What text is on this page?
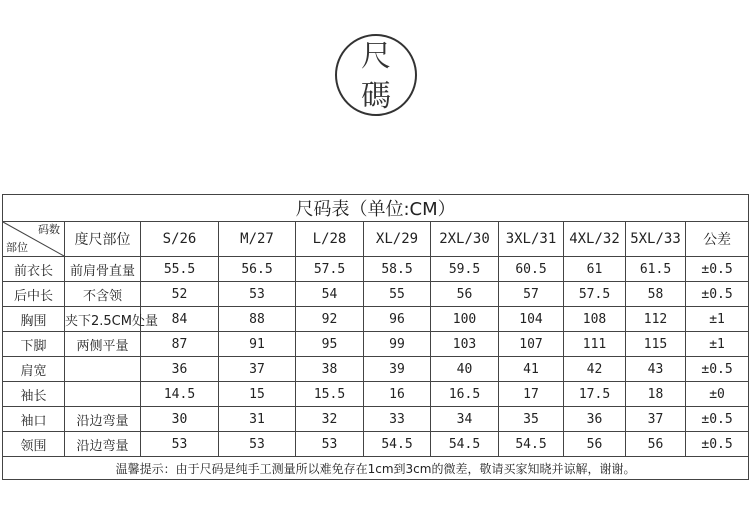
尺
碼
尺码表（单位:CM）										

码数
部位	度尺部位	S/26	M/27	L/28	XL/29	2XL/30	3XL/31	4XL/32	5XL/33	公差
前衣长	前肩骨直量	55.5	56.5	57.5	58.5	59.5	60.5	61	61.5	±0.5
后中长	不含领	52	53	54	55	56	57	57.5	58	±0.5
胸围	夹下2.5CM处量	84	88	92	96	100	104	108	112	±1
下脚	两侧平量	87	91	95	99	103	107	111	115	±1
肩宽		36	37	38	39	40	41	42	43	±0.5
袖长		14.5	15	15.5	16	16.5	17	17.5	18	±0
袖口	沿边弯量	30	31	32	33	34	35	36	37	±0.5
领围	沿边弯量	53	53	53	54.5	54.5	54.5	56	56	±0.5
温馨提示：由于尺码是纯手工测量所以难免存在1cm到3cm的微差，敬请买家知晓并谅解，谢谢。										
